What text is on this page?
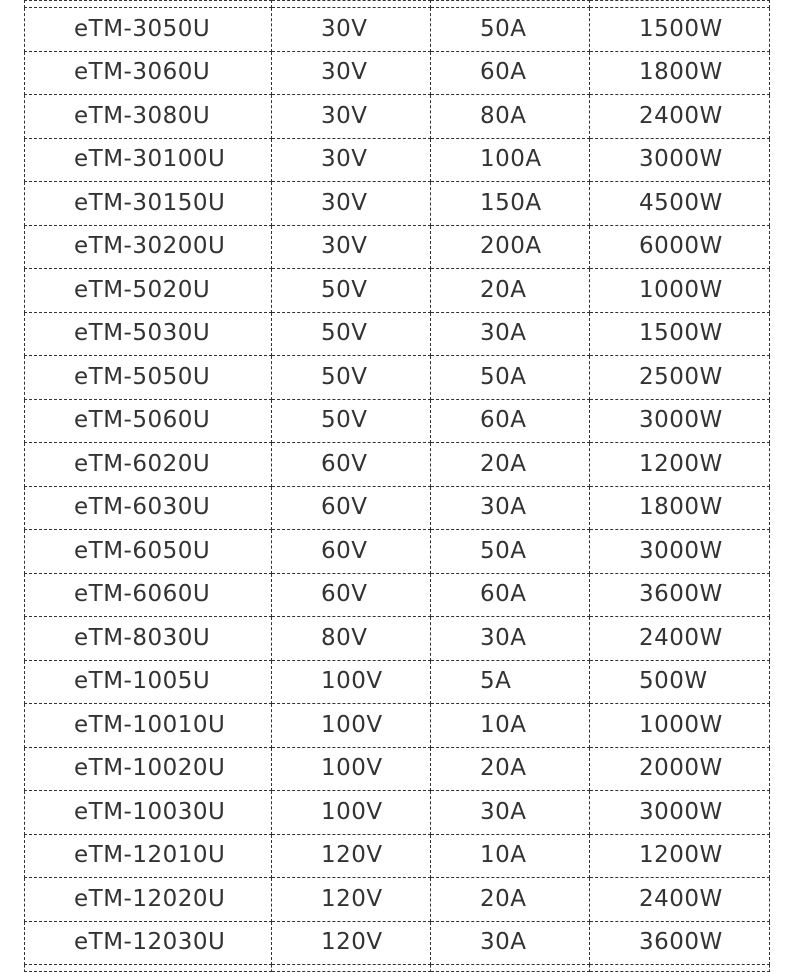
eTM-3050U	30V	50A	1500W
eTM-3060U	30V	60A	1800W
eTM-3080U	30V	80A	2400W
eTM-30100U	30V	100A	3000W
eTM-30150U	30V	150A	4500W
eTM-30200U	30V	200A	6000W
eTM-5020U	50V	20A	1000W
eTM-5030U	50V	30A	1500W
eTM-5050U	50V	50A	2500W
eTM-5060U	50V	60A	3000W
eTM-6020U	60V	20A	1200W
eTM-6030U	60V	30A	1800W
eTM-6050U	60V	50A	3000W
eTM-6060U	60V	60A	3600W
eTM-8030U	80V	30A	2400W
eTM-1005U	100V	5A	500W
eTM-10010U	100V	10A	1000W
eTM-10020U	100V	20A	2000W
eTM-10030U	100V	30A	3000W
eTM-12010U	120V	10A	1200W
eTM-12020U	120V	20A	2400W
eTM-12030U	120V	30A	3600W
